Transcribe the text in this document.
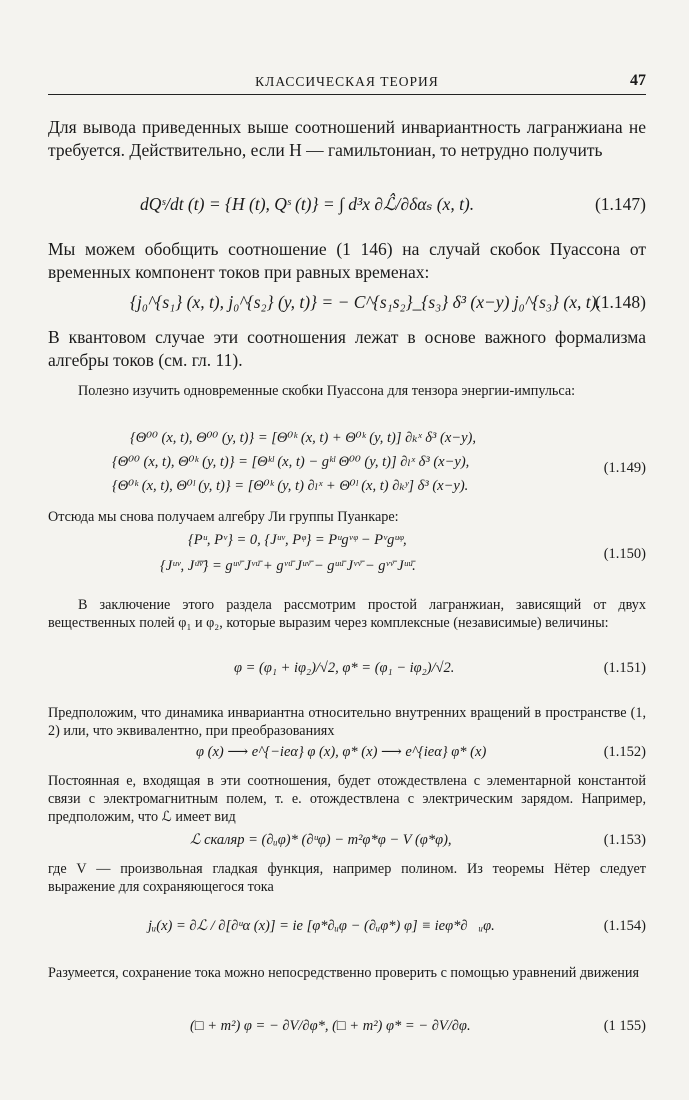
КЛАССИЧЕСКАЯ ТЕОРИЯ	47

Для вывода приведенных выше соотношений инвариантность лагранжиана не требуется. Действительно, если H — гамильтониан, то нетрудно получить

dQˢ/dt (t) = {H (t), Qˢ (t)} = ∫ d³x ∂ℒ̂/∂δαₛ (x, t).	(1.147)

Мы можем обобщить соотношение (1 146) на случай скобок Пуассона от временных компонент токов при равных временах:

{j₀^{s₁} (x, t), j₀^{s₂} (y, t)} = − C^{s₁s₂}_{s₃} δ³ (x−y) j₀^{s₃} (x, t).
(1.148)

В квантовом случае эти соотношения лежат в основе важного формализма алгебры токов (см. гл. 11).

Полезно изучить одновременные скобки Пуассона для тензора энергии-импульса:

{Θ⁰⁰ (x, t), Θ⁰⁰ (y, t)} = [Θ⁰ᵏ (x, t) + Θ⁰ᵏ (y, t)] ∂ₖˣ δ³ (x−y),
{Θ⁰⁰ (x, t), Θ⁰ᵏ (y, t)} = [Θᵏˡ (x, t) − gᵏˡ Θ⁰⁰ (y, t)] ∂ₗˣ δ³ (x−y),
{Θ⁰ᵏ (x, t), Θ⁰ˡ (y, t)} = [Θ⁰ᵏ (y, t) ∂ₗˣ + Θ⁰ˡ (x, t) ∂ₖʸ] δ³ (x−y).
(1.149)

Отсюда мы снова получаем алгебру Ли группы Пуанкаре:

{Pᵘ, Pᵛ} = 0, {Jᵘᵛ, Pᵠ} = Pᵘgᵛᵠ − Pᵛgᵘᵠ,
{Jᵘᵛ, Jᵘ̄ᵛ̄} = gᵘᵛ̄ Jᵛᵘ̄ + gᵛᵘ̄ Jᵘᵛ̄ − gᵘᵘ̄ Jᵛᵛ̄ − gᵛᵛ̄ Jᵘᵘ̄.
(1.150)

В заключение этого раздела рассмотрим простой лагранжиан, зависящий от двух вещественных полей φ₁ и φ₂, которые выразим через комплексные (независимые) величины:

φ = (φ₁ + iφ₂)/√2, φ* = (φ₁ − iφ₂)/√2.	(1.151)

Предположим, что динамика инвариантна относительно внутренних вращений в пространстве (1, 2) или, что эквивалентно, при преобразованиях

φ (x) ⟶ e^{−ieα} φ (x), φ* (x) ⟶ e^{ieα} φ* (x)	(1.152)

Постоянная e, входящая в эти соотношения, будет отождествлена с элементарной константой связи с электромагнитным полем, т. е. отождествлена с электрическим зарядом. Например, предположим, что ℒ имеет вид

ℒ скаляр = (∂ᵤφ)* (∂ᵘφ) − m²φ*φ − V (φ*φ),	(1.153)

где V — произвольная гладкая функция, например полином. Из теоремы Нётер следует выражение для сохраняющегося тока

jᵤ(x) = ∂ℒ / ∂[∂ᵘα (x)] = ie [φ*∂ᵤφ − (∂ᵤφ*) φ] ≡ ieφ*∂⃡ᵤφ.	(1.154)

Разумеется, сохранение тока можно непосредственно проверить с помощью уравнений движения

(□ + m²) φ = − ∂V/∂φ*, (□ + m²) φ* = − ∂V/∂φ.	(1 155)
